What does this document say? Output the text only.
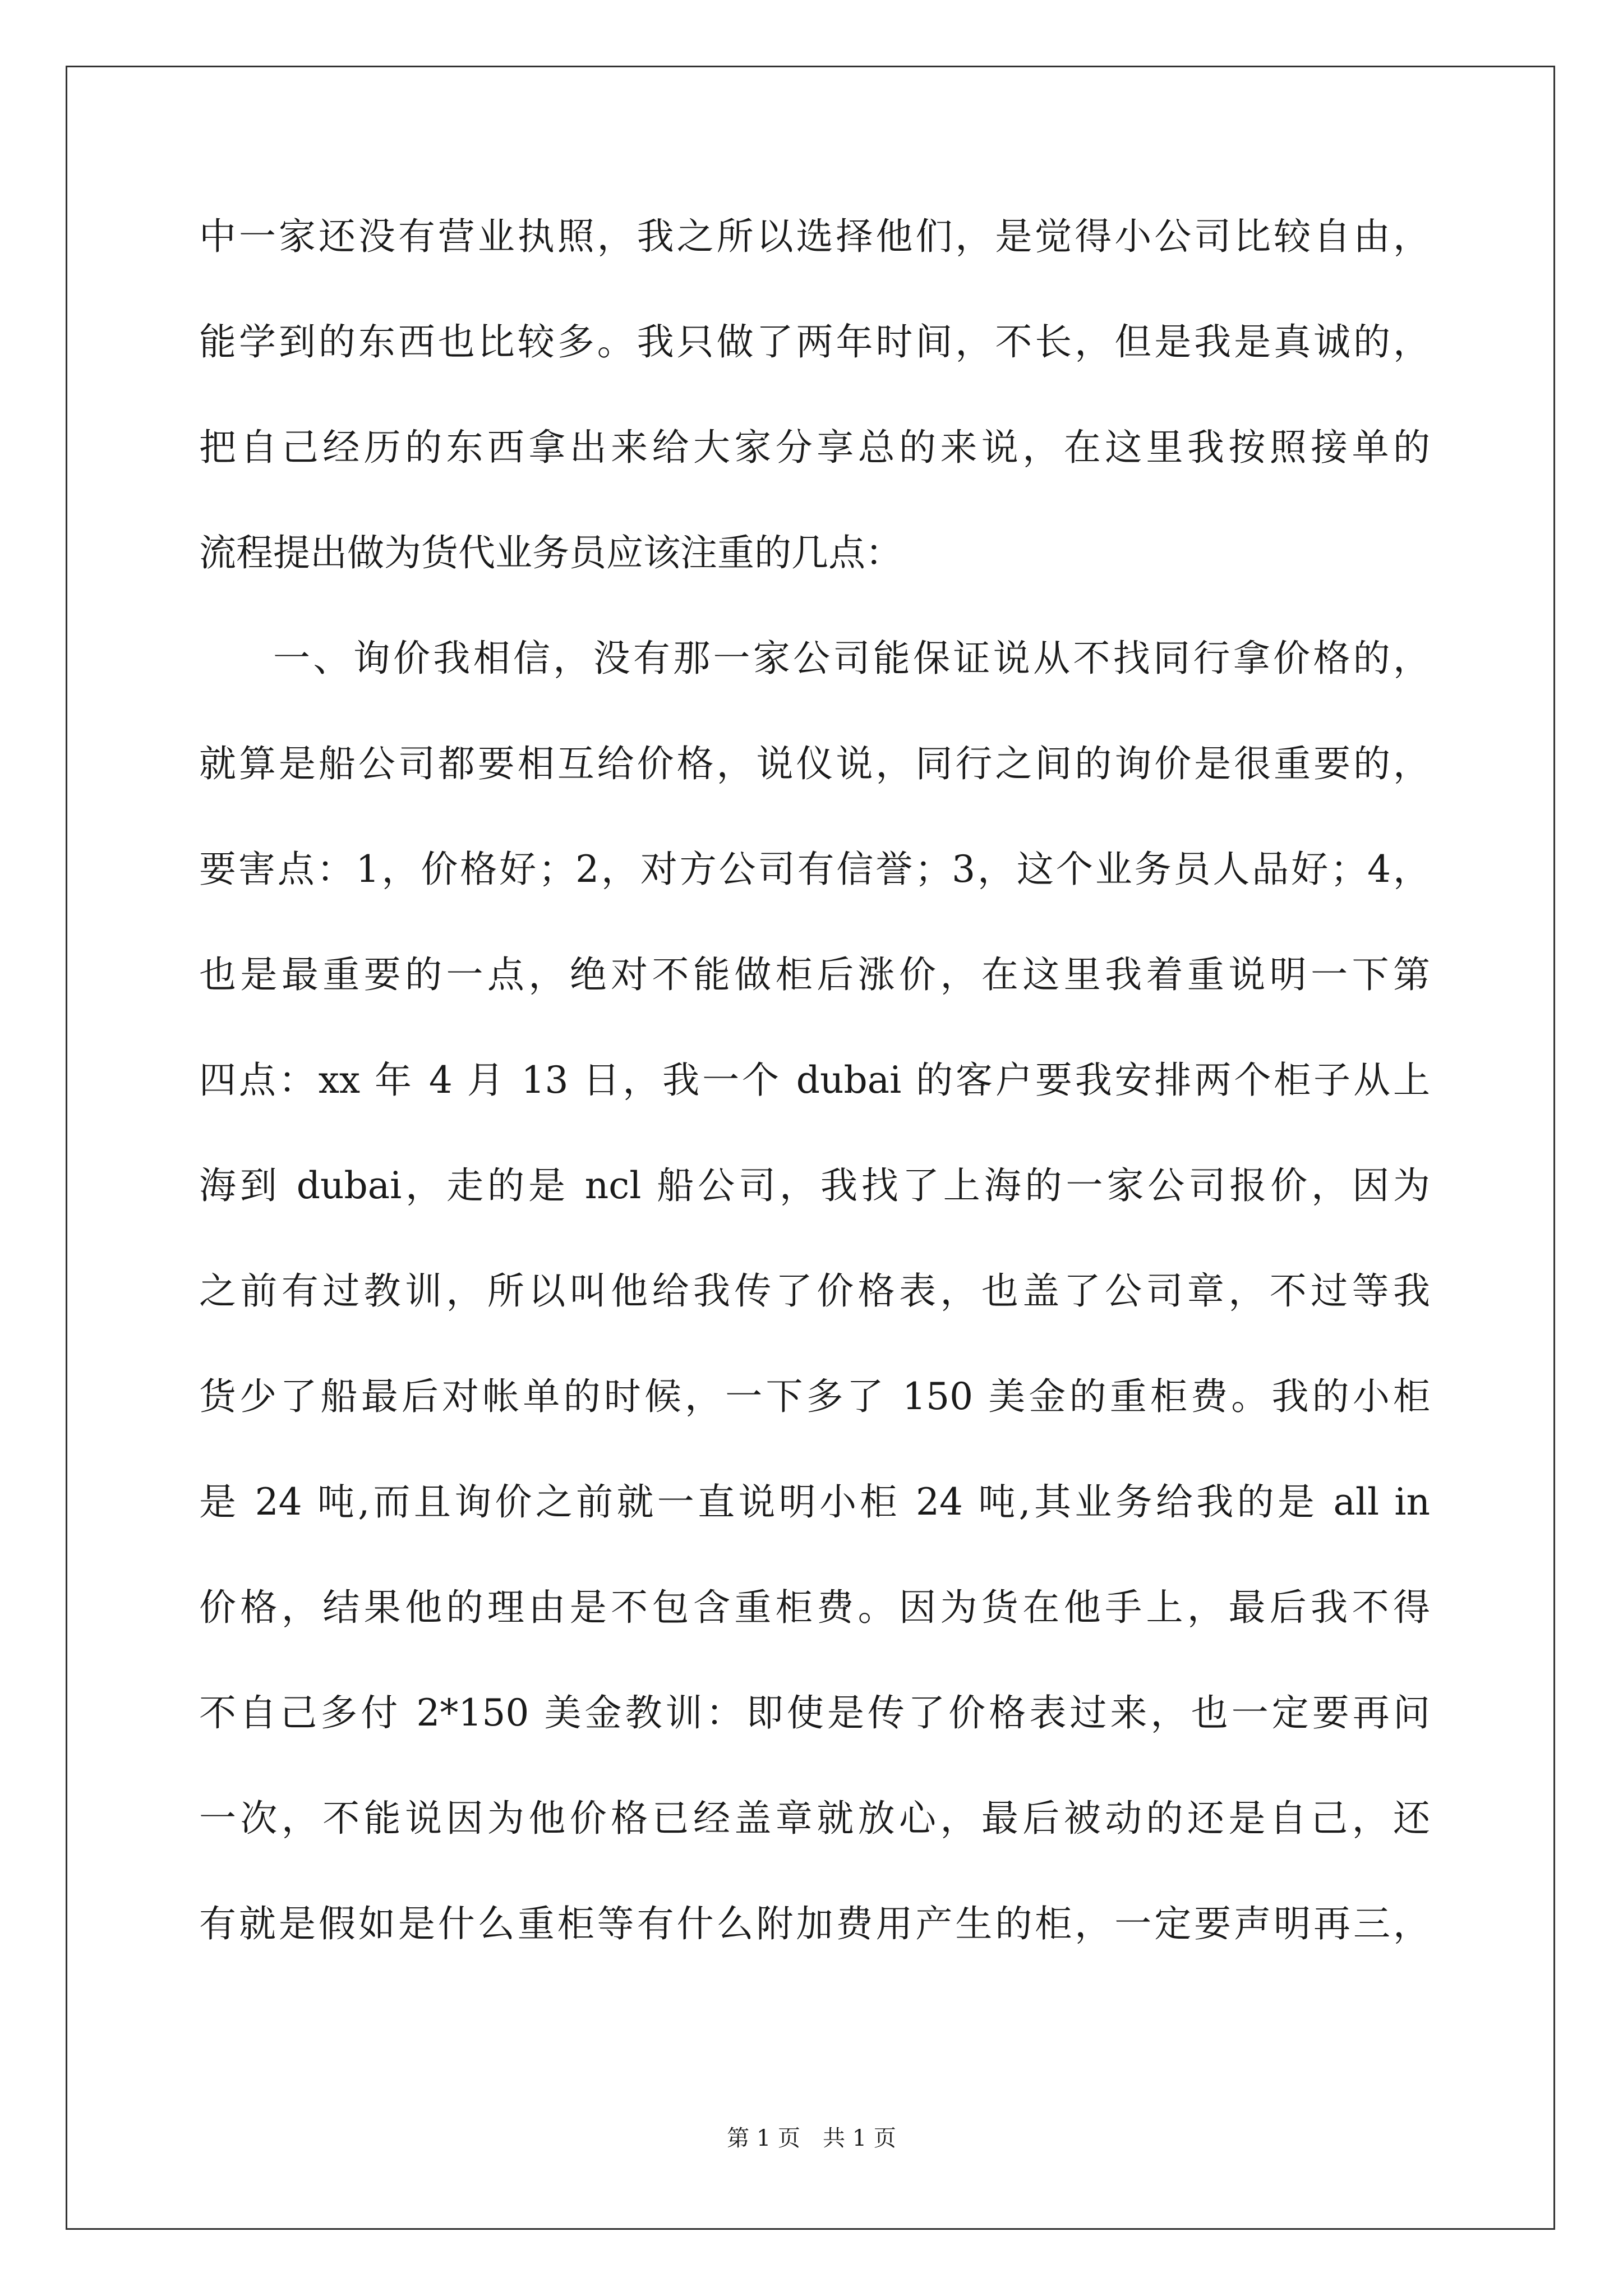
中一家还没有营业执照，我之所以选择他们，是觉得小公司比较自由，
能学到的东西也比较多。我只做了两年时间，不长，但是我是真诚的，
把自己经历的东西拿出来给大家分享总的来说，在这里我按照接单的
流程提出做为货代业务员应该注重的几点：
一、询价我相信，没有那一家公司能保证说从不找同行拿价格的，
就算是船公司都要相互给价格，说仪说，同行之间的询价是很重要的，
要害点：1，价格好；2，对方公司有信誉；3，这个业务员人品好；4，
也是最重要的一点，绝对不能做柜后涨价，在这里我着重说明一下第
四点：xx 年 4 月 13 日，我一个 dubai 的客户要我安排两个柜子从上
海到 dubai，走的是 ncl 船公司，我找了上海的一家公司报价，因为
之前有过教训，所以叫他给我传了价格表，也盖了公司章，不过等我
货少了船最后对帐单的时候，一下多了 150 美金的重柜费。我的小柜
是 24 吨,而且询价之前就一直说明小柜 24 吨,其业务给我的是 all in
价格，结果他的理由是不包含重柜费。因为货在他手上，最后我不得
不自己多付 2*150 美金教训：即使是传了价格表过来，也一定要再问
一次，不能说因为他价格已经盖章就放心，最后被动的还是自己，还
有就是假如是什么重柜等有什么附加费用产生的柜，一定要声明再三，
第 1 页　共 1 页
